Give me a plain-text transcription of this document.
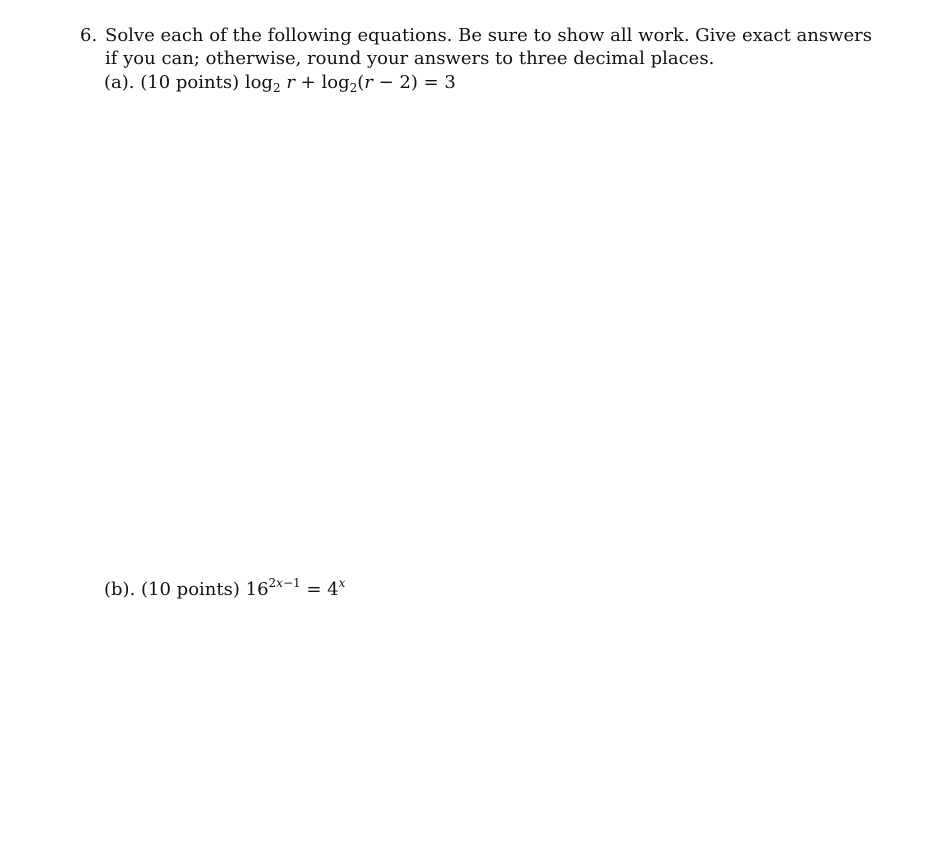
6. Solve each of the following equations. Be sure to show all work. Give exact answers
if you can; otherwise, round your answers to three decimal places.
(a). (10 points) $\log_2 r + \log_2(r - 2) = 3$
(b). (10 points) $16^{2x-1} = 4^x$
